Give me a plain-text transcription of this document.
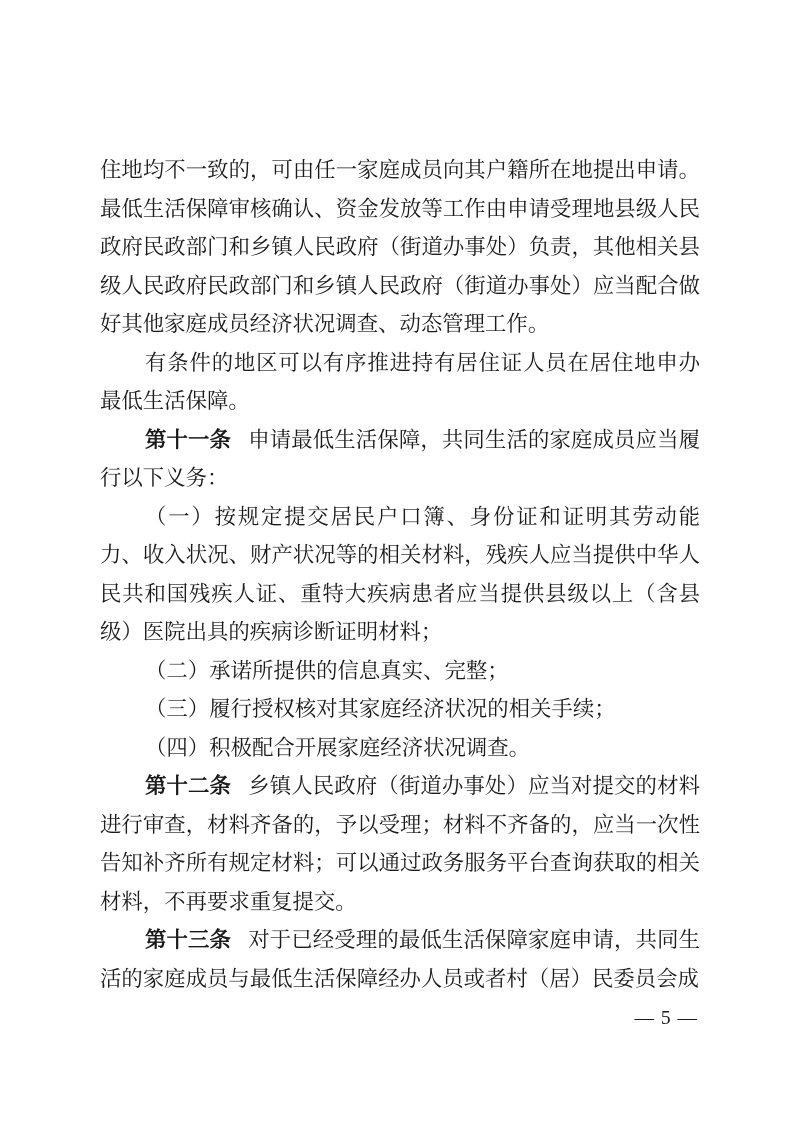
住地均不一致的，可由任一家庭成员向其户籍所在地提出申请。最低生活保障审核确认、资金发放等工作由申请受理地县级人民政府民政部门和乡镇人民政府（街道办事处）负责，其他相关县级人民政府民政部门和乡镇人民政府（街道办事处）应当配合做好其他家庭成员经济状况调查、动态管理工作。

有条件的地区可以有序推进持有居住证人员在居住地申办最低生活保障。

第十一条 申请最低生活保障，共同生活的家庭成员应当履行以下义务：

（一）按规定提交居民户口簿、身份证和证明其劳动能力、收入状况、财产状况等的相关材料，残疾人应当提供中华人民共和国残疾人证、重特大疾病患者应当提供县级以上（含县级）医院出具的疾病诊断证明材料；

（二）承诺所提供的信息真实、完整；

（三）履行授权核对其家庭经济状况的相关手续；

（四）积极配合开展家庭经济状况调查。

第十二条 乡镇人民政府（街道办事处）应当对提交的材料进行审查，材料齐备的，予以受理；材料不齐备的，应当一次性告知补齐所有规定材料；可以通过政务服务平台查询获取的相关材料，不再要求重复提交。

第十三条 对于已经受理的最低生活保障家庭申请，共同生活的家庭成员与最低生活保障经办人员或者村（居）民委员会成

— 5 —
